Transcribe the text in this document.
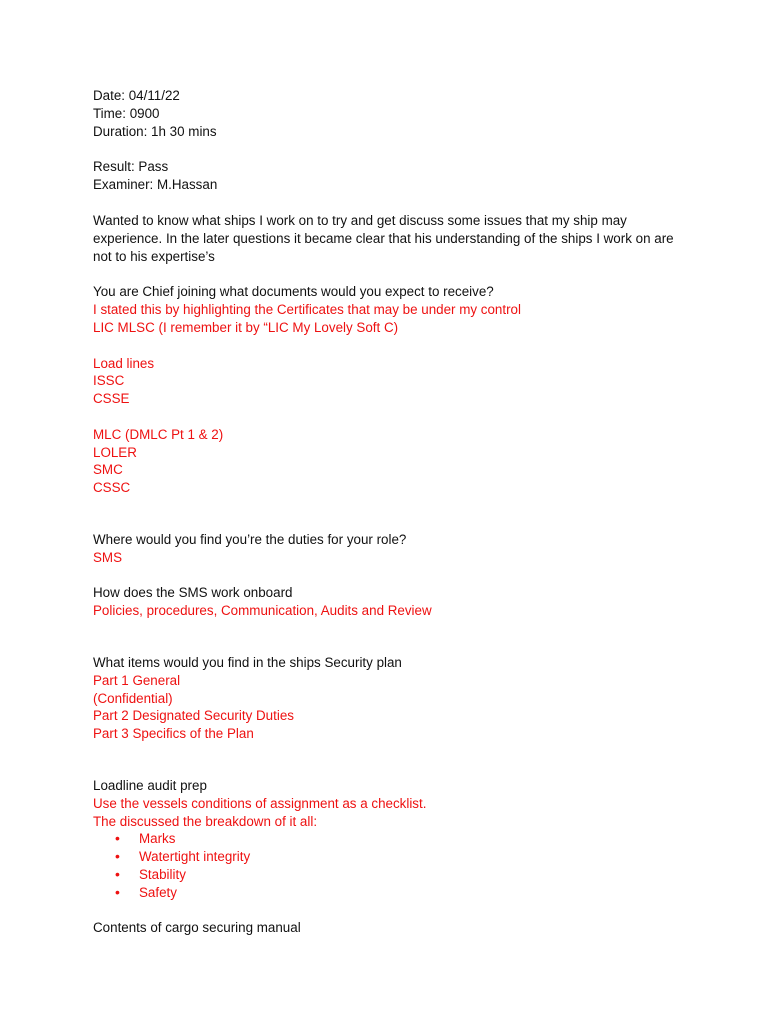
Date: 04/11/22
Time: 0900
Duration: 1h 30 mins
Result: Pass
Examiner: M.Hassan

Wanted to know what ships I work on to try and get discuss some issues that my ship may experience. In the later questions it became clear that his understanding of the ships I work on are not to his expertise’s

You are Chief joining what documents would you expect to receive?
I stated this by highlighting the Certificates that may be under my control
LIC MLSC (I remember it by “LIC My Lovely Soft C)
Load lines
ISSC
CSSE
MLC (DMLC Pt 1 & 2)
LOLER
SMC
CSSC
Where would you find you’re the duties for your role?
SMS
How does the SMS work onboard
Policies, procedures, Communication, Audits and Review
What items would you find in the ships Security plan
Part 1 General
(Confidential)
Part 2 Designated Security Duties
Part 3 Specifics of the Plan
Loadline audit prep
Use the vessels conditions of assignment as a checklist.
The discussed the breakdown of it all:
• Marks
• Watertight integrity
• Stability
• Safety
Contents of cargo securing manual
